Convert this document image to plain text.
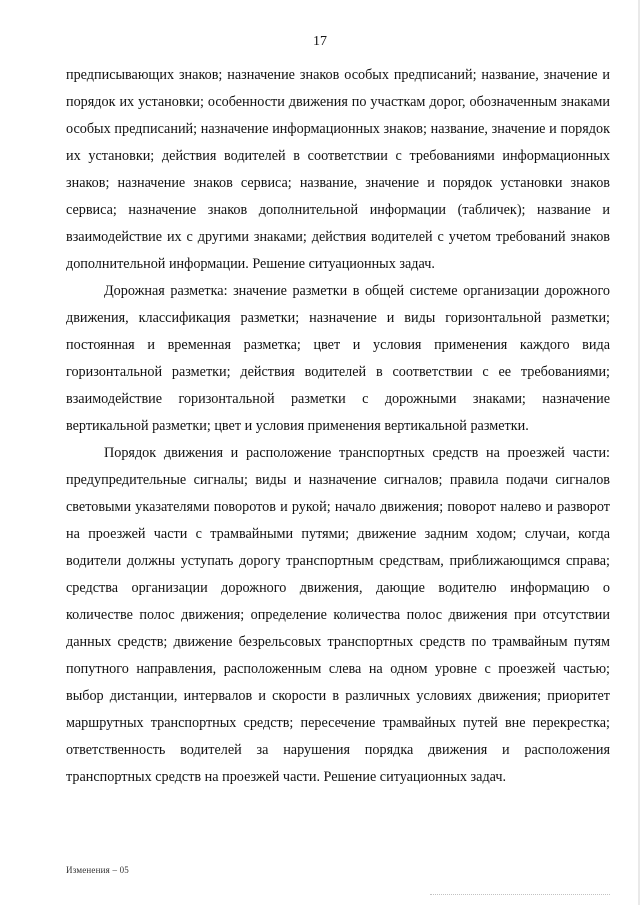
17

предписывающих знаков; назначение знаков особых предписаний; название, значение и порядок их установки; особенности движения по участкам дорог, обозначенным знаками особых предписаний; назначение информационных знаков; название, значение и порядок их установки; действия водителей в соответствии с требованиями информационных знаков; назначение знаков сервиса; название, значение и порядок установки знаков сервиса; назначение знаков дополнительной информации (табличек); название и взаимодействие их с другими знаками; действия водителей с учетом требований знаков дополнительной информации. Решение ситуационных задач.

Дорожная разметка: значение разметки в общей системе организации дорожного движения, классификация разметки; назначение и виды горизонтальной разметки; постоянная и временная разметка; цвет и условия применения каждого вида горизонтальной разметки; действия водителей в соответствии с ее требованиями; взаимодействие горизонтальной разметки с дорожными знаками; назначение вертикальной разметки; цвет и условия применения вертикальной разметки.

Порядок движения и расположение транспортных средств на проезжей части: предупредительные сигналы; виды и назначение сигналов; правила подачи сигналов световыми указателями поворотов и рукой; начало движения; поворот налево и разворот на проезжей части с трамвайными путями; движение задним ходом; случаи, когда водители должны уступать дорогу транспортным средствам, приближающимся справа; средства организации дорожного движения, дающие водителю информацию о количестве полос движения; определение количества полос движения при отсутствии данных средств; движение безрельсовых транспортных средств по трамвайным путям попутного направления, расположенным слева на одном уровне с проезжей частью; выбор дистанции, интервалов и скорости в различных условиях движения; приоритет маршрутных транспортных средств; пересечение трамвайных путей вне перекрестка; ответственность водителей за нарушения порядка движения и расположения транспортных средств на проезжей части. Решение ситуационных задач.

Изменения – 05
